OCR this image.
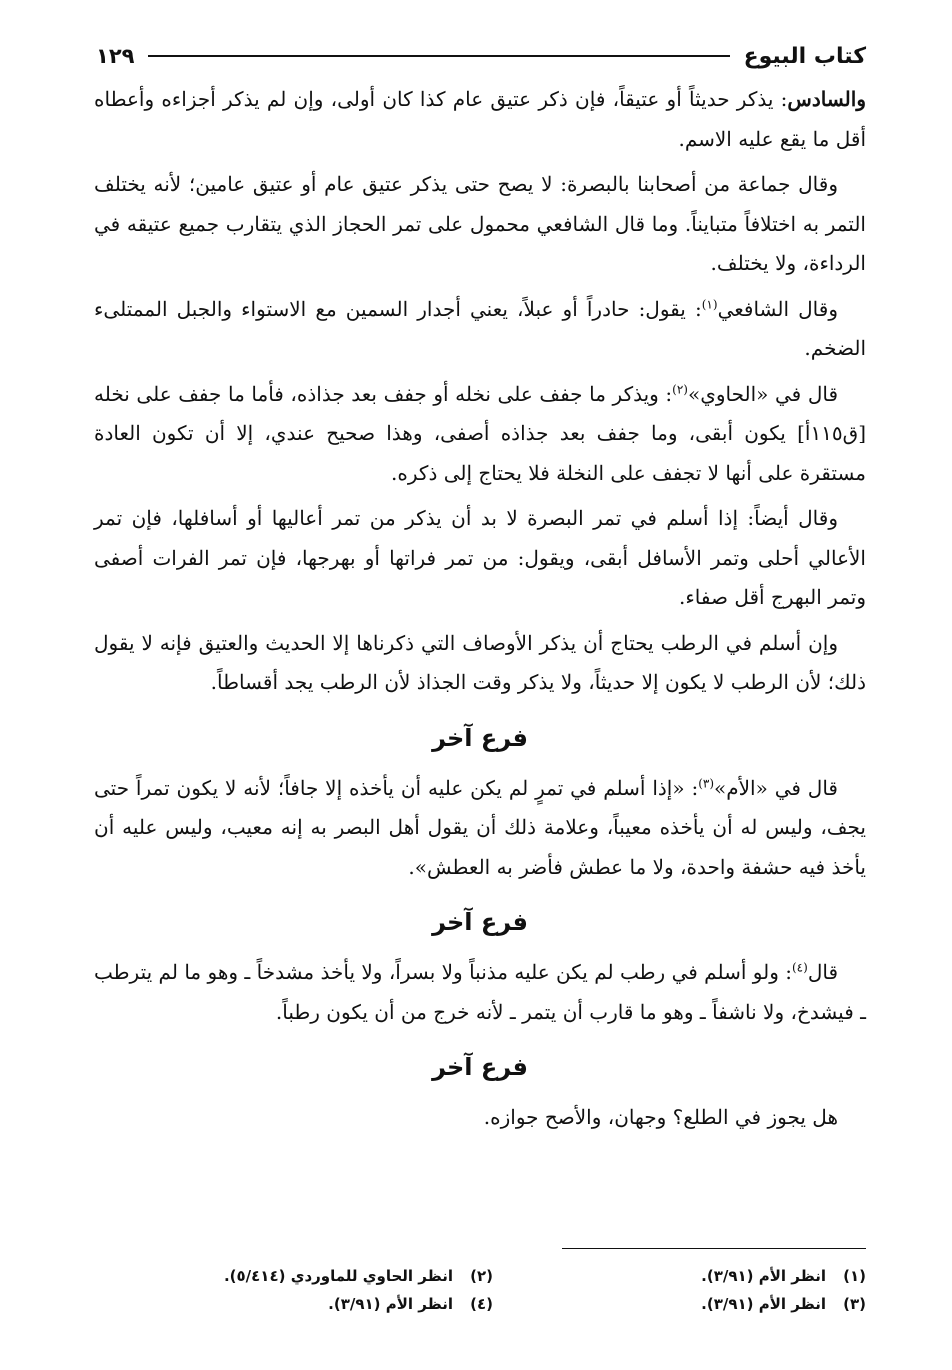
كتاب البيوع
١٢٩

والسادس: يذكر حديثاً أو عتيقاً، فإن ذكر عتيق عام كذا كان أولى، وإن لم يذكر أجزاءه وأعطاه أقل ما يقع عليه الاسم.

وقال جماعة من أصحابنا بالبصرة: لا يصح حتى يذكر عتيق عام أو عتيق عامين؛ لأنه يختلف التمر به اختلافاً متبايناً. وما قال الشافعي محمول على تمر الحجاز الذي يتقارب جميع عتيقه في الرداءة، ولا يختلف.

وقال الشافعي$^{(١)}$: يقول: حادراً أو عبلاً، يعني أجدار السمين مع الاستواء والجبل الممتلىء الضخم.

قال في «الحاوي»$^{(٢)}$: ويذكر ما جفف على نخله أو جفف بعد جذاذه، فأما ما جفف على نخله [ق١١٥أ] يكون أبقى، وما جفف بعد جذاذه أصفى، وهذا صحيح عندي، إلا أن تكون العادة مستقرة على أنها لا تجفف على النخلة فلا يحتاج إلى ذكره.

وقال أيضاً: إذا أسلم في تمر البصرة لا بد أن يذكر من تمر أعاليها أو أسافلها، فإن تمر الأعالي أحلى وتمر الأسافل أبقى، ويقول: من تمر فراتها أو بهرجها، فإن تمر الفرات أصفى وتمر البهرج أقل صفاء.

وإن أسلم في الرطب يحتاج أن يذكر الأوصاف التي ذكرناها إلا الحديث والعتيق فإنه لا يقول ذلك؛ لأن الرطب لا يكون إلا حديثاً، ولا يذكر وقت الجذاذ لأن الرطب يجد أقساطاً.

فرع آخر

قال في «الأم»$^{(٣)}$: «إذا أسلم في تمرٍ لم يكن عليه أن يأخذه إلا جافاً؛ لأنه لا يكون تمراً حتى يجف، وليس له أن يأخذه معيباً، وعلامة ذلك أن يقول أهل البصر به إنه معيب، وليس عليه أن يأخذ فيه حشفة واحدة، ولا ما عطش فأضر به العطش».

فرع آخر

قال$^{(٤)}$: ولو أسلم في رطب لم يكن عليه مذنباً ولا بسراً، ولا يأخذ مشدخاً ـ وهو ما لم يترطب ـ فيشدخ، ولا ناشفاً ـ وهو ما قارب أن يتمر ـ لأنه خرج من أن يكون رطباً.

فرع آخر

هل يجوز في الطلع؟ وجهان، والأصح جوازه.

(١)
انظر الأم (٣/٩١).
(٢)
انظر الحاوي للماوردي (٥/٤١٤).
(٣)
انظر الأم (٣/٩١).
(٤)
انظر الأم (٣/٩١).
